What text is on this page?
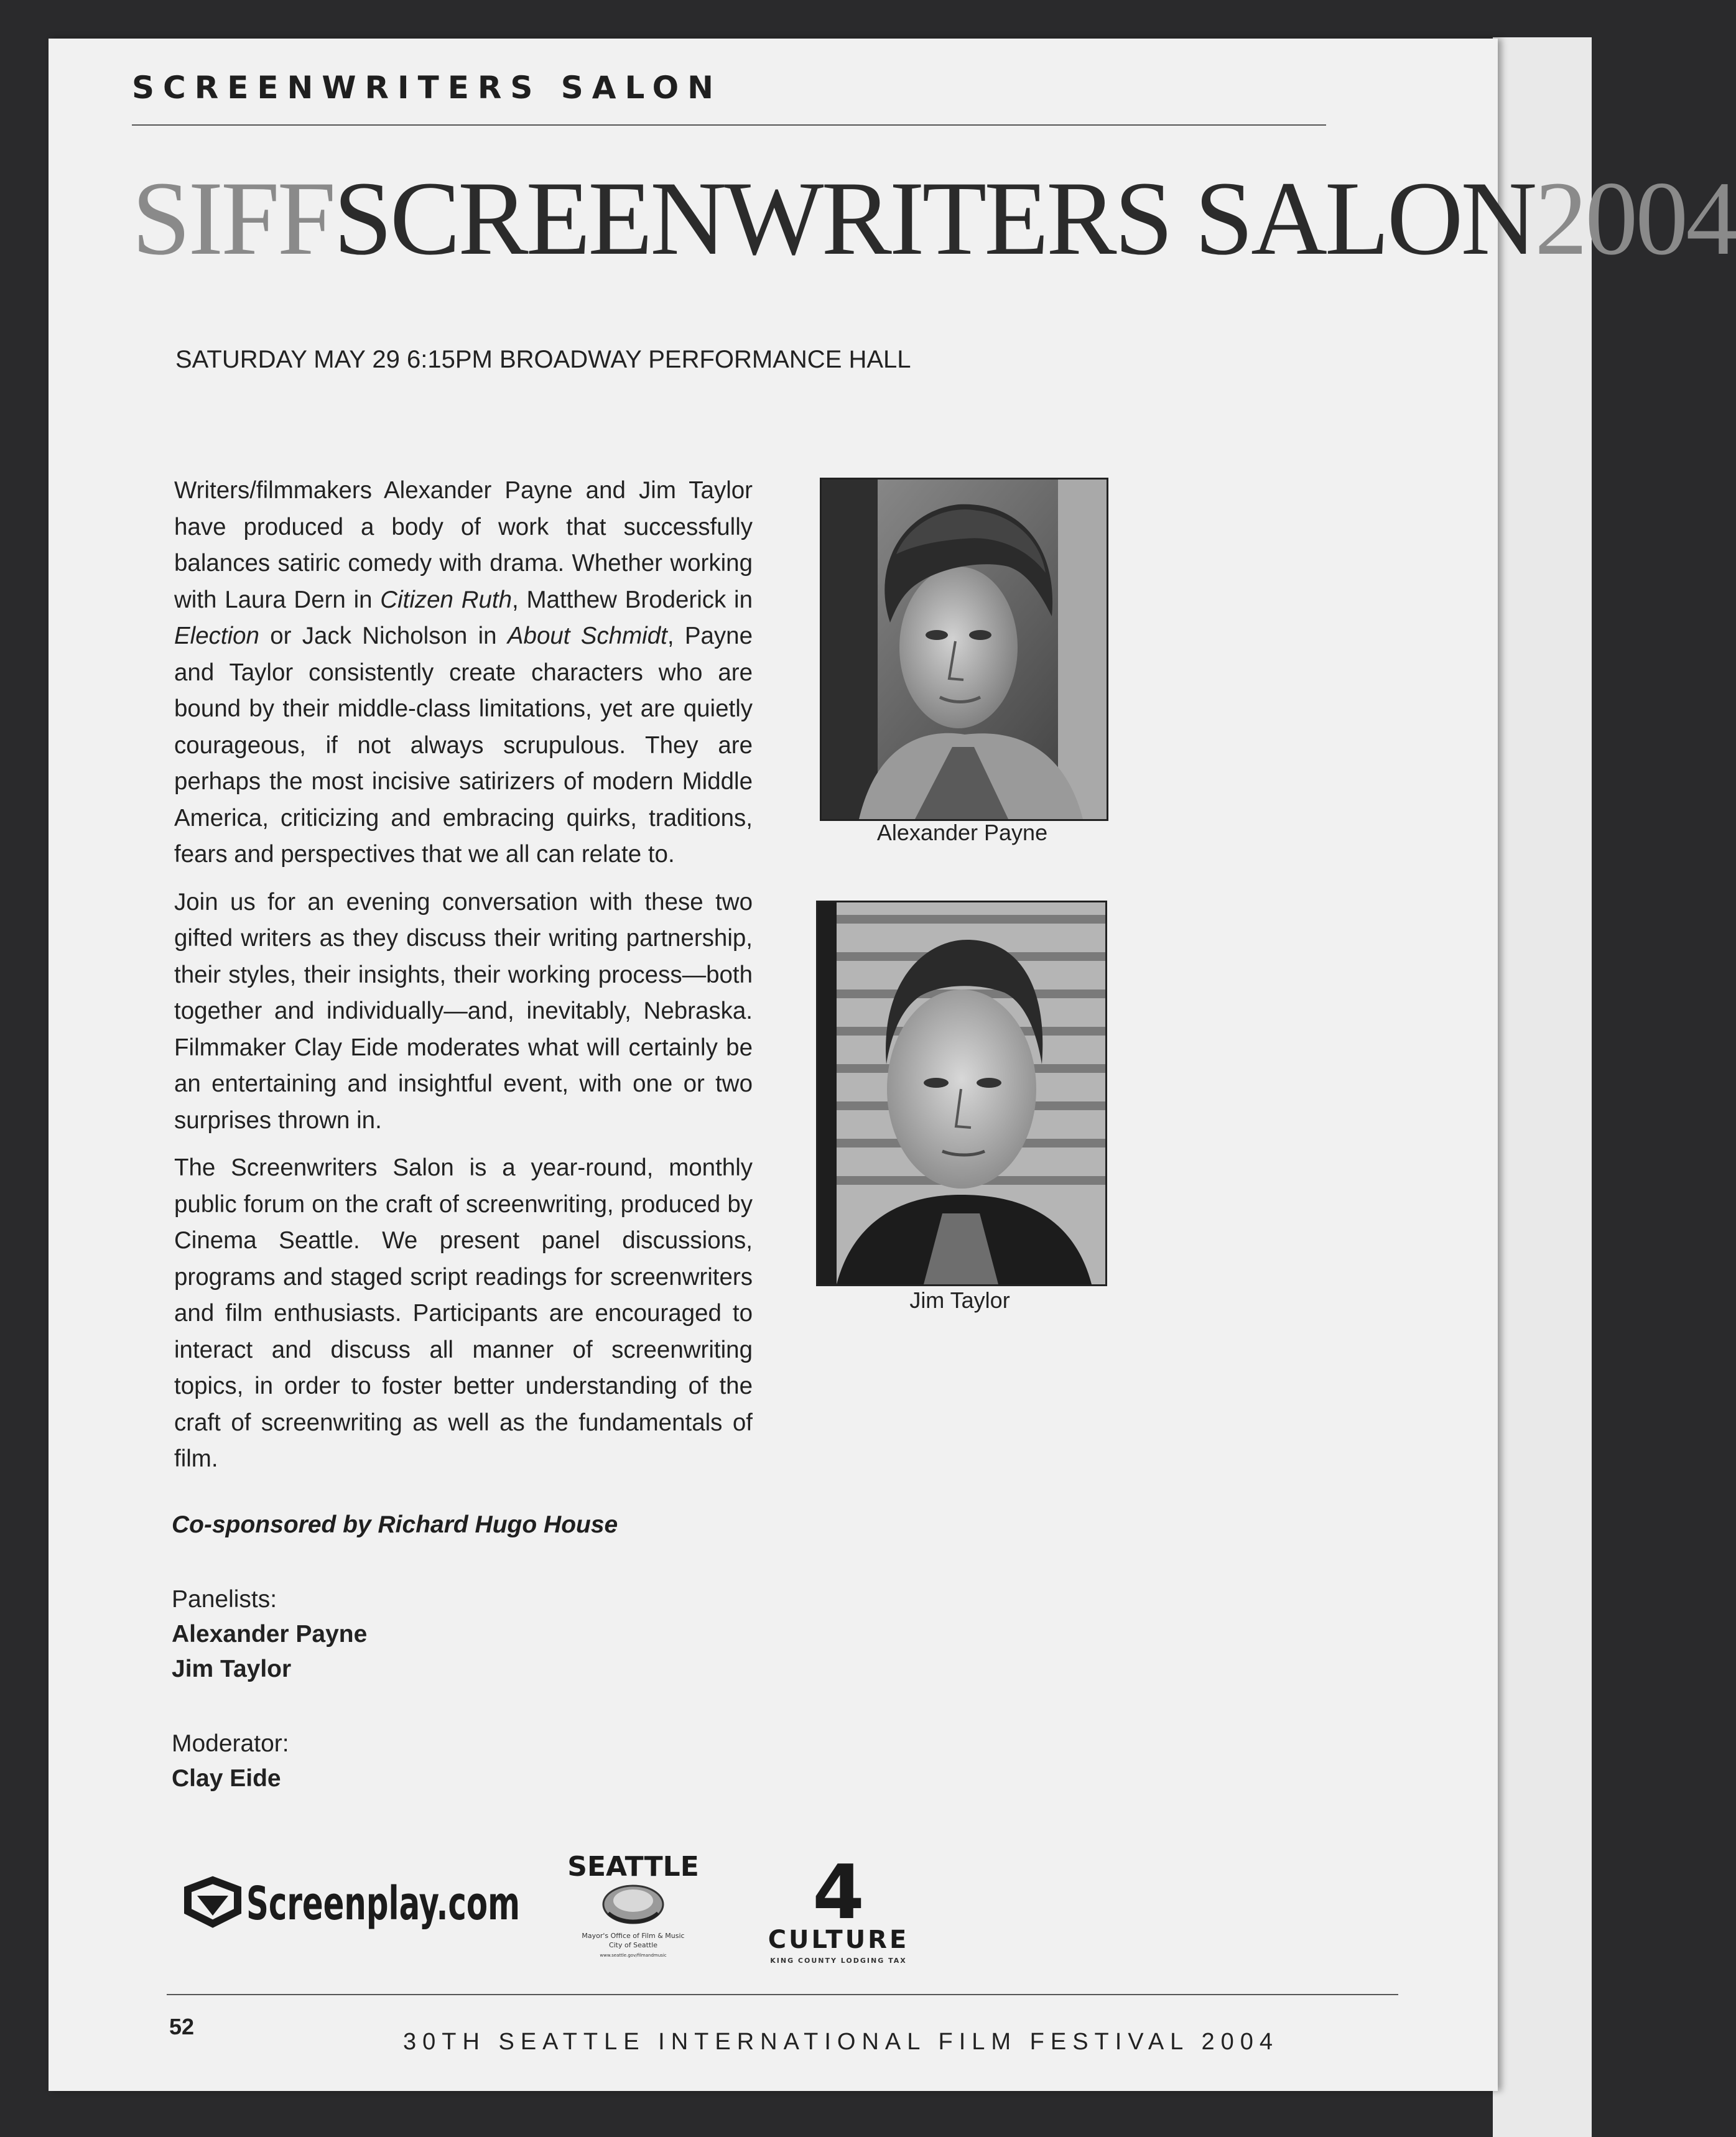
SCREENWRITERS SALON
SIFFSCREENWRITERS SALON2004
SATURDAY MAY 29 6:15PM BROADWAY PERFORMANCE HALL

Writers/filmmakers Alexander Payne and Jim Taylor have produced a body of work that successfully balances satiric comedy with drama. Whether working with Laura Dern in Citizen Ruth, Matthew Broderick in Election or Jack Nicholson in About Schmidt, Payne and Taylor consistently create characters who are bound by their middle-class limitations, yet are quietly courageous, if not always scrupulous. They are perhaps the most incisive satirizers of modern Middle America, criticizing and embracing quirks, traditions, fears and perspectives that we all can relate to.

Join us for an evening conversation with these two gifted writers as they discuss their writing partnership, their styles, their insights, their working process—both together and individually—and, inevitably, Nebraska. Filmmaker Clay Eide moderates what will certainly be an entertaining and insightful event, with one or two surprises thrown in.

The Screenwriters Salon is a year-round, monthly public forum on the craft of screenwriting, produced by Cinema Seattle. We present panel discussions, programs and staged script readings for screenwriters and film enthusiasts. Participants are encouraged to interact and discuss all manner of screenwriting topics, in order to foster better understanding of the craft of screenwriting as well as the fundamentals of film.

Co-sponsored by Richard Hugo House
Panelists:
Alexander Payne
Jim Taylor
Moderator:
Clay Eide
Alexander Payne
Jim Taylor
Screenplay.com
SEATTLE
Mayor's Office of Film & Music
City of Seattle
www.seattle.gov/filmandmusic
4
CULTURE
KING COUNTY LODGING TAX
52
30TH SEATTLE INTERNATIONAL FILM FESTIVAL 2004
